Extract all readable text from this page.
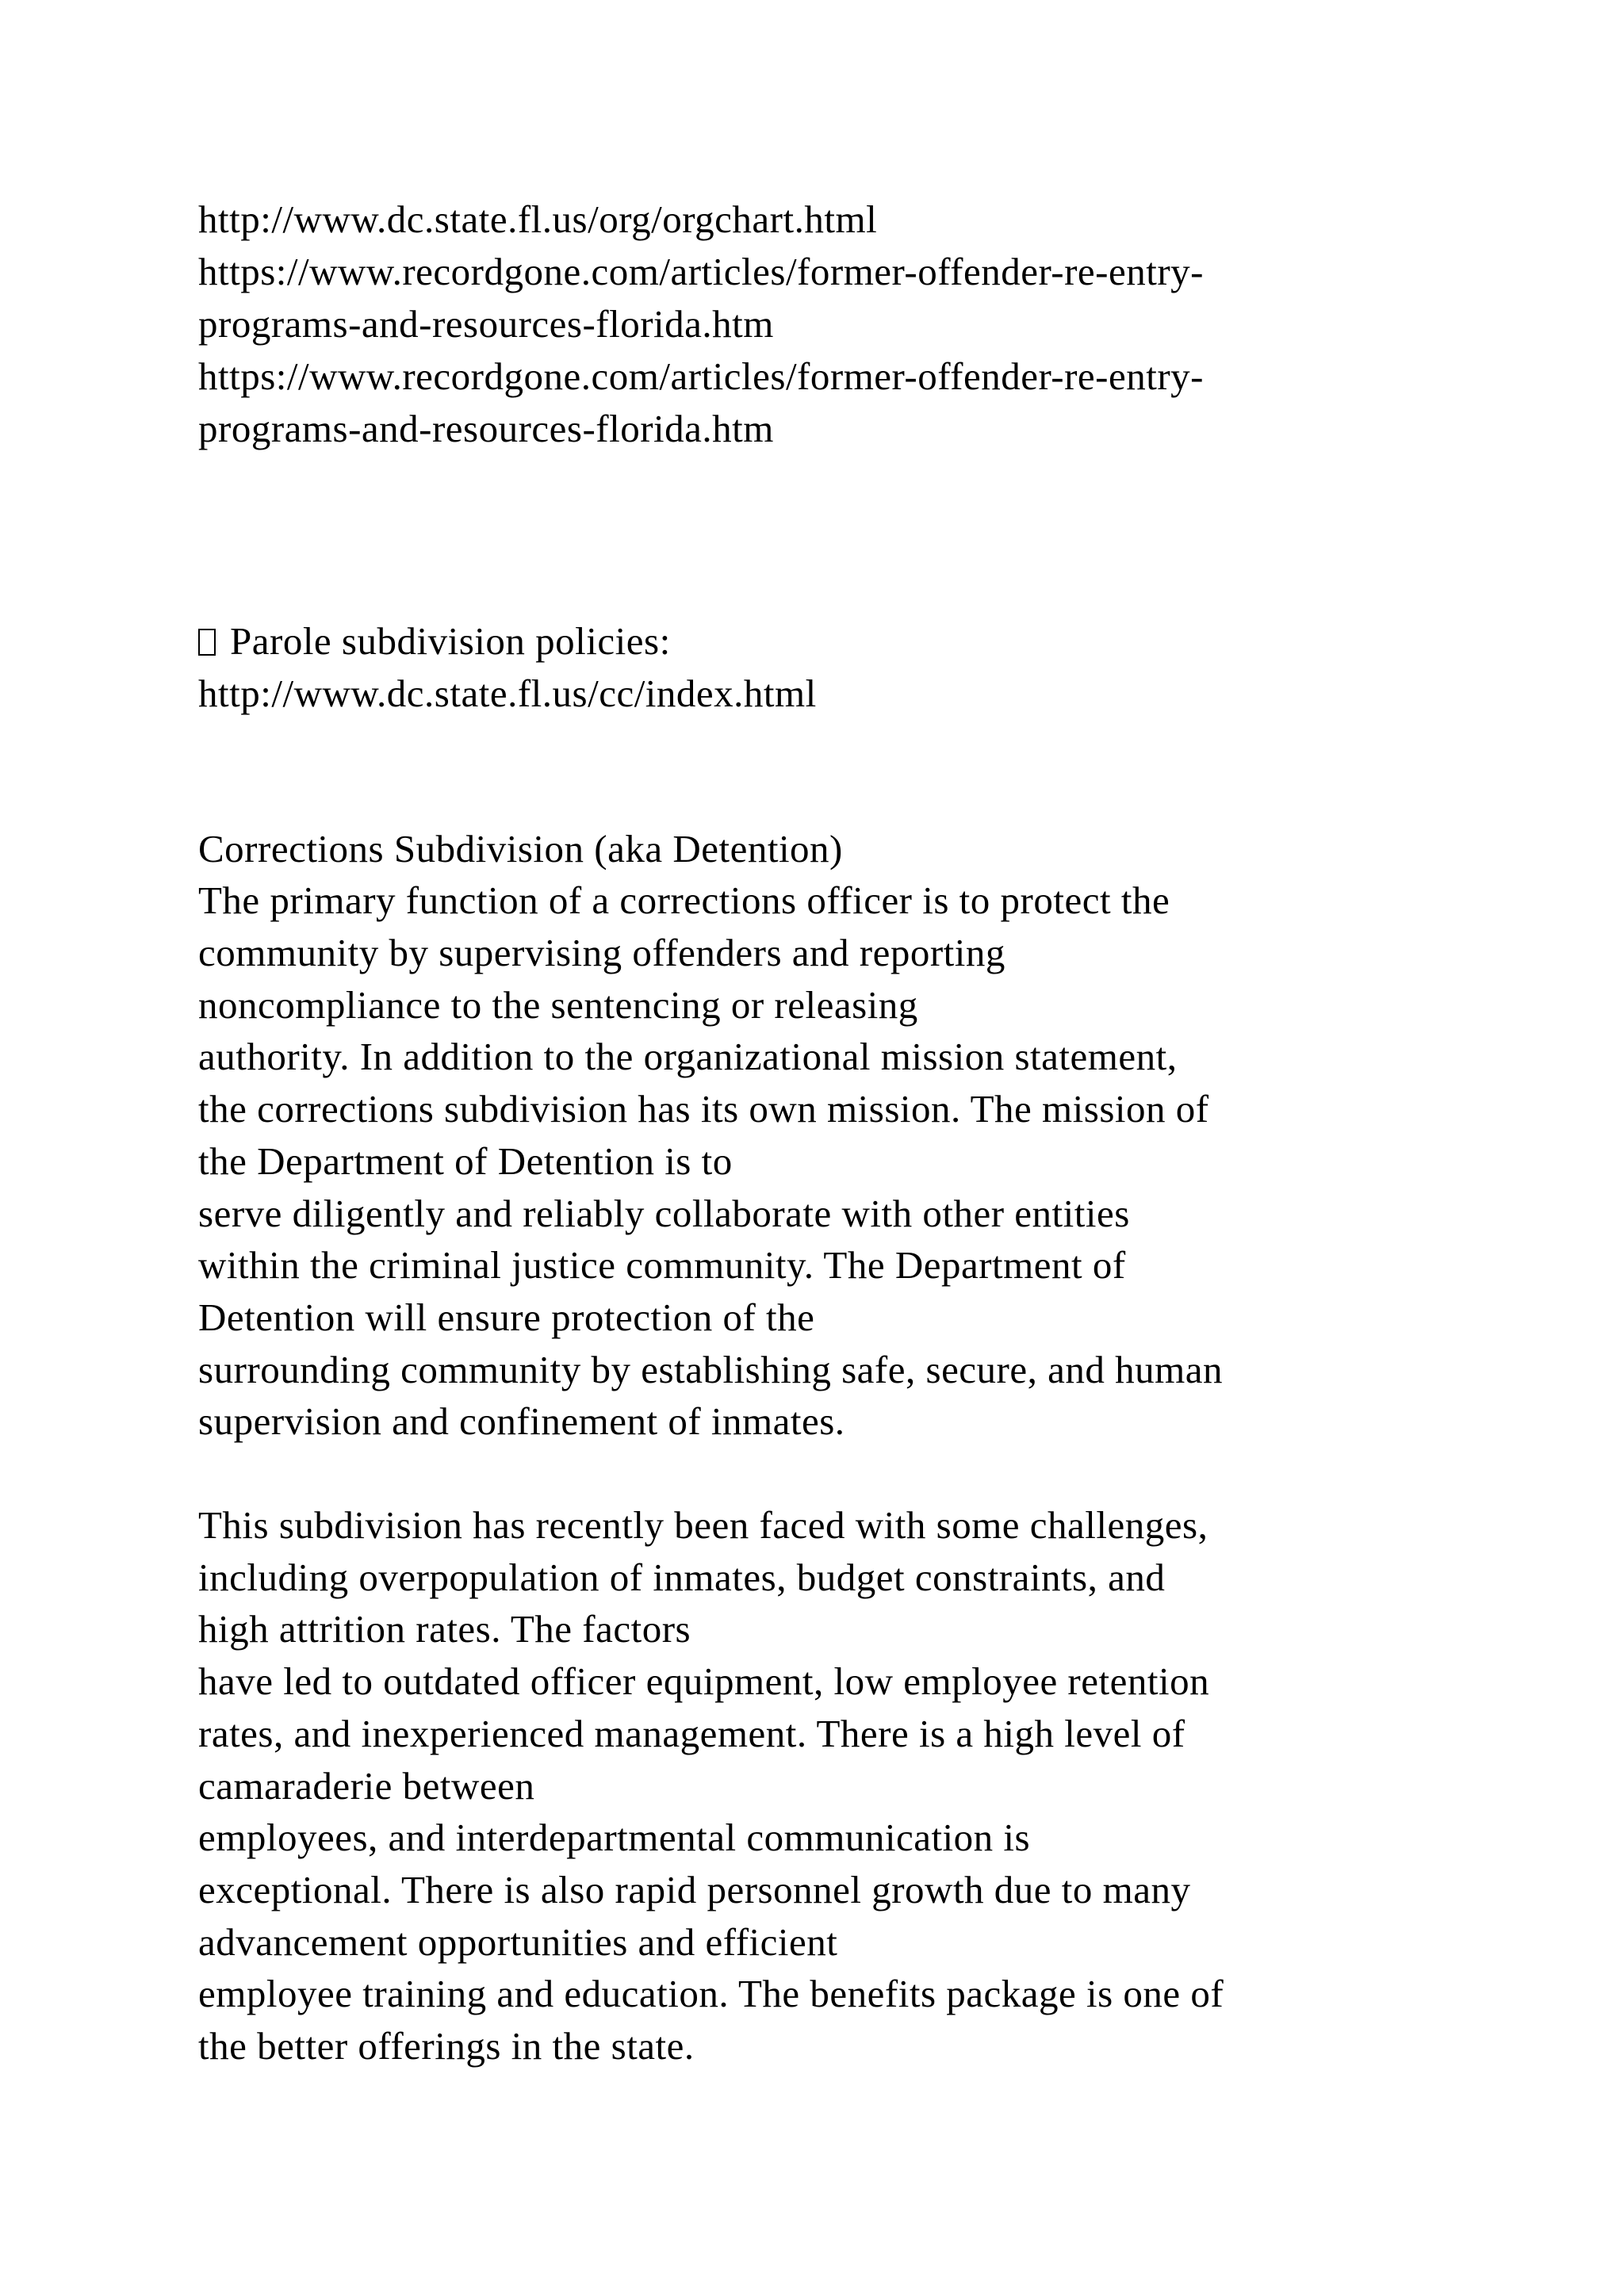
http://www.dc.state.fl.us/org/orgchart.html

https://www.recordgone.com/articles/former-offender-re-entry-

programs-and-resources-florida.htm

https://www.recordgone.com/articles/former-offender-re-entry-

programs-and-resources-florida.htm

Parole subdivision policies:

http://www.dc.state.fl.us/cc/index.html

Corrections Subdivision (aka Detention)

The primary function of a corrections officer is to protect the

community by supervising offenders and reporting

noncompliance to the sentencing or releasing

authority. In addition to the organizational mission statement,

the corrections subdivision has its own mission. The mission of

the Department of Detention is to

serve diligently and reliably collaborate with other entities

within the criminal justice community. The Department of

Detention will ensure protection of the

surrounding community by establishing safe, secure, and human

supervision and confinement of inmates.

This subdivision has recently been faced with some challenges,

including overpopulation of inmates, budget constraints, and

high attrition rates. The factors

have led to outdated officer equipment, low employee retention

rates, and inexperienced management. There is a high level of

camaraderie between

employees, and interdepartmental communication is

exceptional. There is also rapid personnel growth due to many

advancement opportunities and efficient

employee training and education. The benefits package is one of

the better offerings in the state.
